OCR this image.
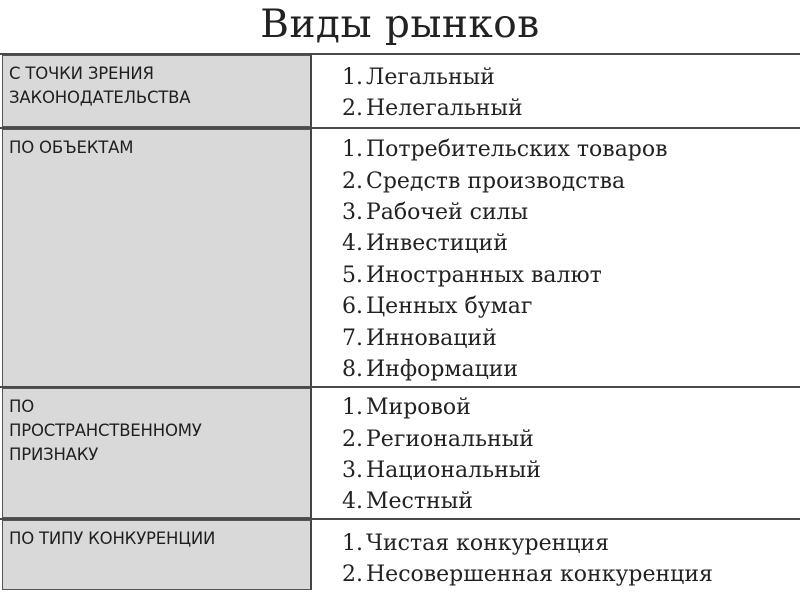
Виды рынков
С ТОЧКИ ЗРЕНИЯ
ЗАКОНОДАТЕЛЬСТВА
1. Легальный
2. Нелегальный
ПО ОБЪЕКТАМ	1. Потребительских товаров
2. Средств производства
3. Рабочей силы
4. Инвестиций
5. Иностранных валют
6. Ценных бумаг
7. Инноваций
8. Информации
ПО
ПРОСТРАНСТВЕННОМУ
ПРИЗНАКУ
1. Мировой
2. Региональный
3. Национальный
4. Местный
ПО ТИПУ КОНКУРЕНЦИИ	1. Чистая конкуренция
2. Несовершенная конкуренция
